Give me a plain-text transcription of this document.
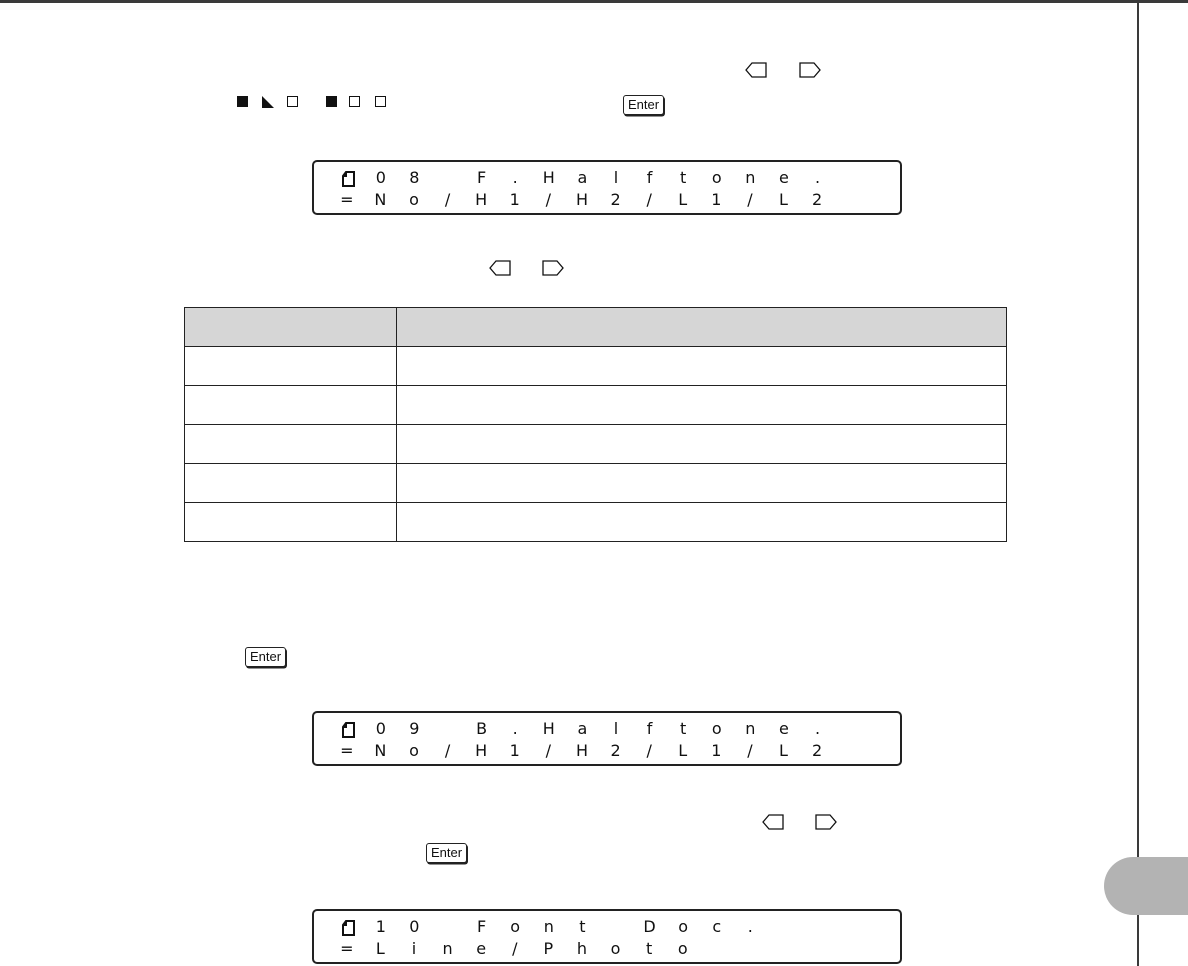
Enter
0 8	F . H a l f t o n e .
= N o / H 1 / H 2 / L 1 / L 2

Enter
0 9	B . H a l f t o n e .
= N o / H 1 / H 2 / L 1 / L 2
Enter
1 0	F o n t	D o c .
= L i n e / P h o t o
